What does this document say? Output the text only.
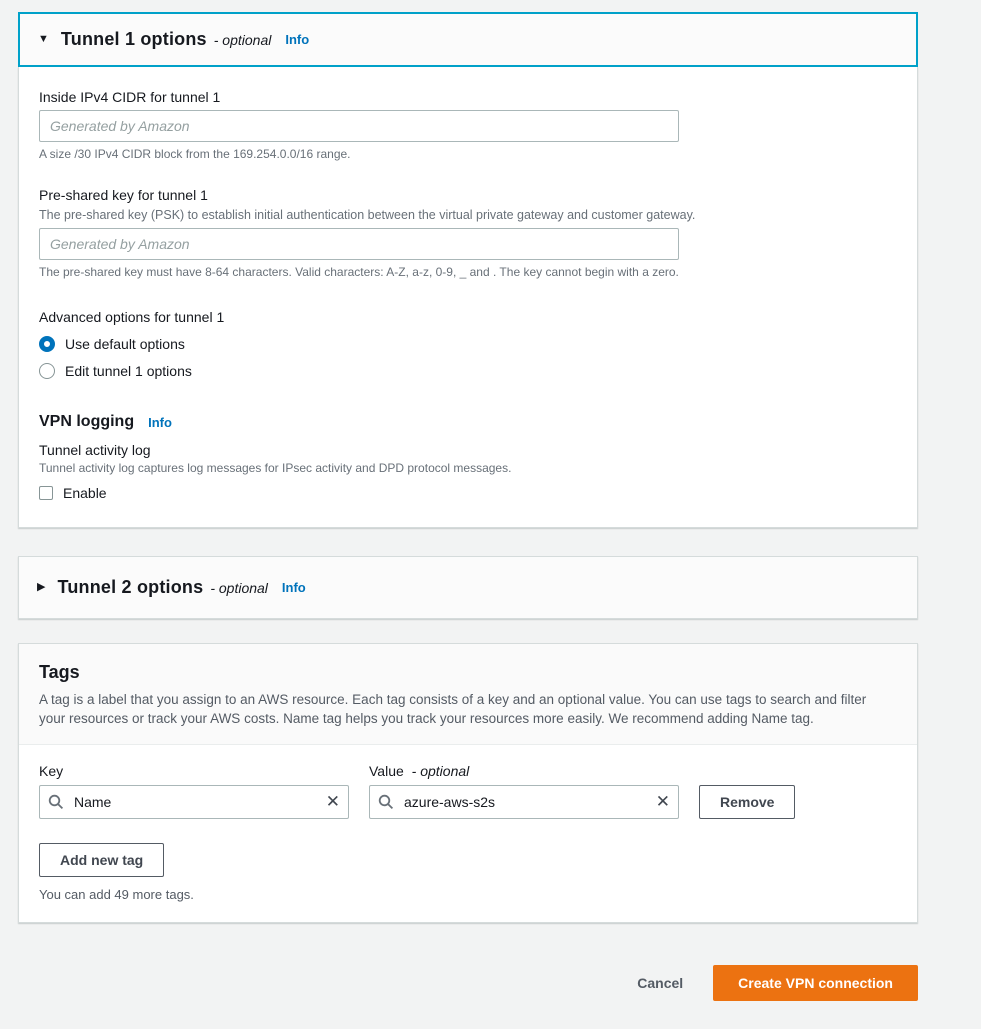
▼ Tunnel 1 options - optional Info
Inside IPv4 CIDR for tunnel 1
Generated by Amazon
A size /30 IPv4 CIDR block from the 169.254.0.0/16 range.
Pre-shared key for tunnel 1
The pre-shared key (PSK) to establish initial authentication between the virtual private gateway and customer gateway.
Generated by Amazon
The pre-shared key must have 8-64 characters. Valid characters: A-Z, a-z, 0-9, _ and . The key cannot begin with a zero.
Advanced options for tunnel 1
Use default options
Edit tunnel 1 options
VPN logging Info
Tunnel activity log
Tunnel activity log captures log messages for IPsec activity and DPD protocol messages.
Enable
▶ Tunnel 2 options - optional Info
Tags
A tag is a label that you assign to an AWS resource. Each tag consists of a key and an optional value. You can use tags to search and filter your resources or track your AWS costs. Name tag helps you track your resources more easily. We recommend adding Name tag.
Key
Name
✕
Value - optional
azure-aws-s2s
✕	Remove
Add new tag
You can add 49 more tags.
Cancel	Create VPN connection
